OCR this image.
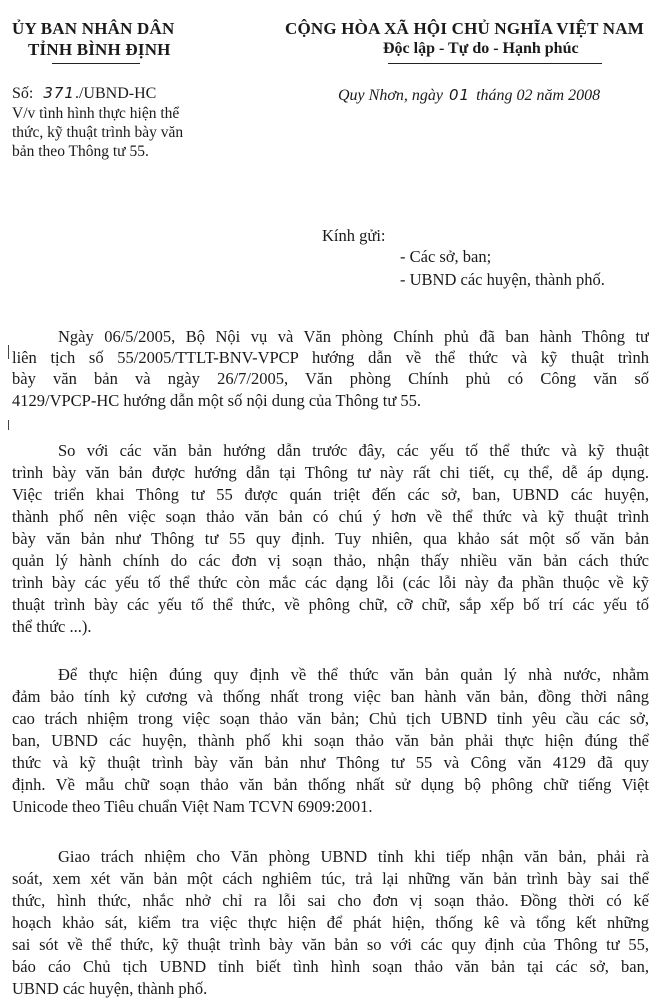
ỦY BAN NHÂN DÂN
TỈNH BÌNH ĐỊNH
CỘNG HÒA XÃ HỘI CHỦ NGHĨA VIỆT NAM
Độc lập - Tự do - Hạnh phúc
Số: 371./UBND-HC
V/v tình hình thực hiện thể
thức, kỹ thuật trình bày văn
bản theo Thông tư 55.
Quy Nhơn, ngày 01 tháng 02 năm 2008
Kính gửi:
- Các sở, ban;
- UBND các huyện, thành phố.
Ngày 06/5/2005, Bộ Nội vụ và Văn phòng Chính phủ đã ban hành Thông tư
liên tịch số 55/2005/TTLT-BNV-VPCP hướng dẫn về thể thức và kỹ thuật trình
bày văn bản và ngày 26/7/2005, Văn phòng Chính phủ có Công văn số
4129/VPCP-HC hướng dẫn một số nội dung của Thông tư 55.
So với các văn bản hướng dẫn trước đây, các yếu tố thể thức và kỹ thuật
trình bày văn bản được hướng dẫn tại Thông tư này rất chi tiết, cụ thể, dễ áp dụng.
Việc triển khai Thông tư 55 được quán triệt đến các sở, ban, UBND các huyện,
thành phố nên việc soạn thảo văn bản có chú ý hơn về thể thức và kỹ thuật trình
bày văn bản như Thông tư 55 quy định. Tuy nhiên, qua khảo sát một số văn bản
quản lý hành chính do các đơn vị soạn thảo, nhận thấy nhiều văn bản cách thức
trình bày các yếu tố thể thức còn mắc các dạng lỗi (các lỗi này đa phần thuộc về kỹ
thuật trình bày các yếu tố thể thức, về phông chữ, cỡ chữ, sắp xếp bố trí các yếu tố
thể thức ...).
Để thực hiện đúng quy định về thể thức văn bản quản lý nhà nước, nhằm
đảm bảo tính kỷ cương và thống nhất trong việc ban hành văn bản, đồng thời nâng
cao trách nhiệm trong việc soạn thảo văn bản; Chủ tịch UBND tỉnh yêu cầu các sở,
ban, UBND các huyện, thành phố khi soạn thảo văn bản phải thực hiện đúng thể
thức và kỹ thuật trình bày văn bản như Thông tư 55 và Công văn 4129 đã quy
định. Về mẫu chữ soạn thảo văn bản thống nhất sử dụng bộ phông chữ tiếng Việt
Unicode theo Tiêu chuẩn Việt Nam TCVN 6909:2001.
Giao trách nhiệm cho Văn phòng UBND tỉnh khi tiếp nhận văn bản, phải rà
soát, xem xét văn bản một cách nghiêm túc, trả lại những văn bản trình bày sai thể
thức, hình thức, nhắc nhở chỉ ra lỗi sai cho đơn vị soạn thảo. Đồng thời có kế
hoạch khảo sát, kiểm tra việc thực hiện để phát hiện, thống kê và tổng kết những
sai sót về thể thức, kỹ thuật trình bày văn bản so với các quy định của Thông tư 55,
báo cáo Chủ tịch UBND tỉnh biết tình hình soạn thảo văn bản tại các sở, ban,
UBND các huyện, thành phố.
